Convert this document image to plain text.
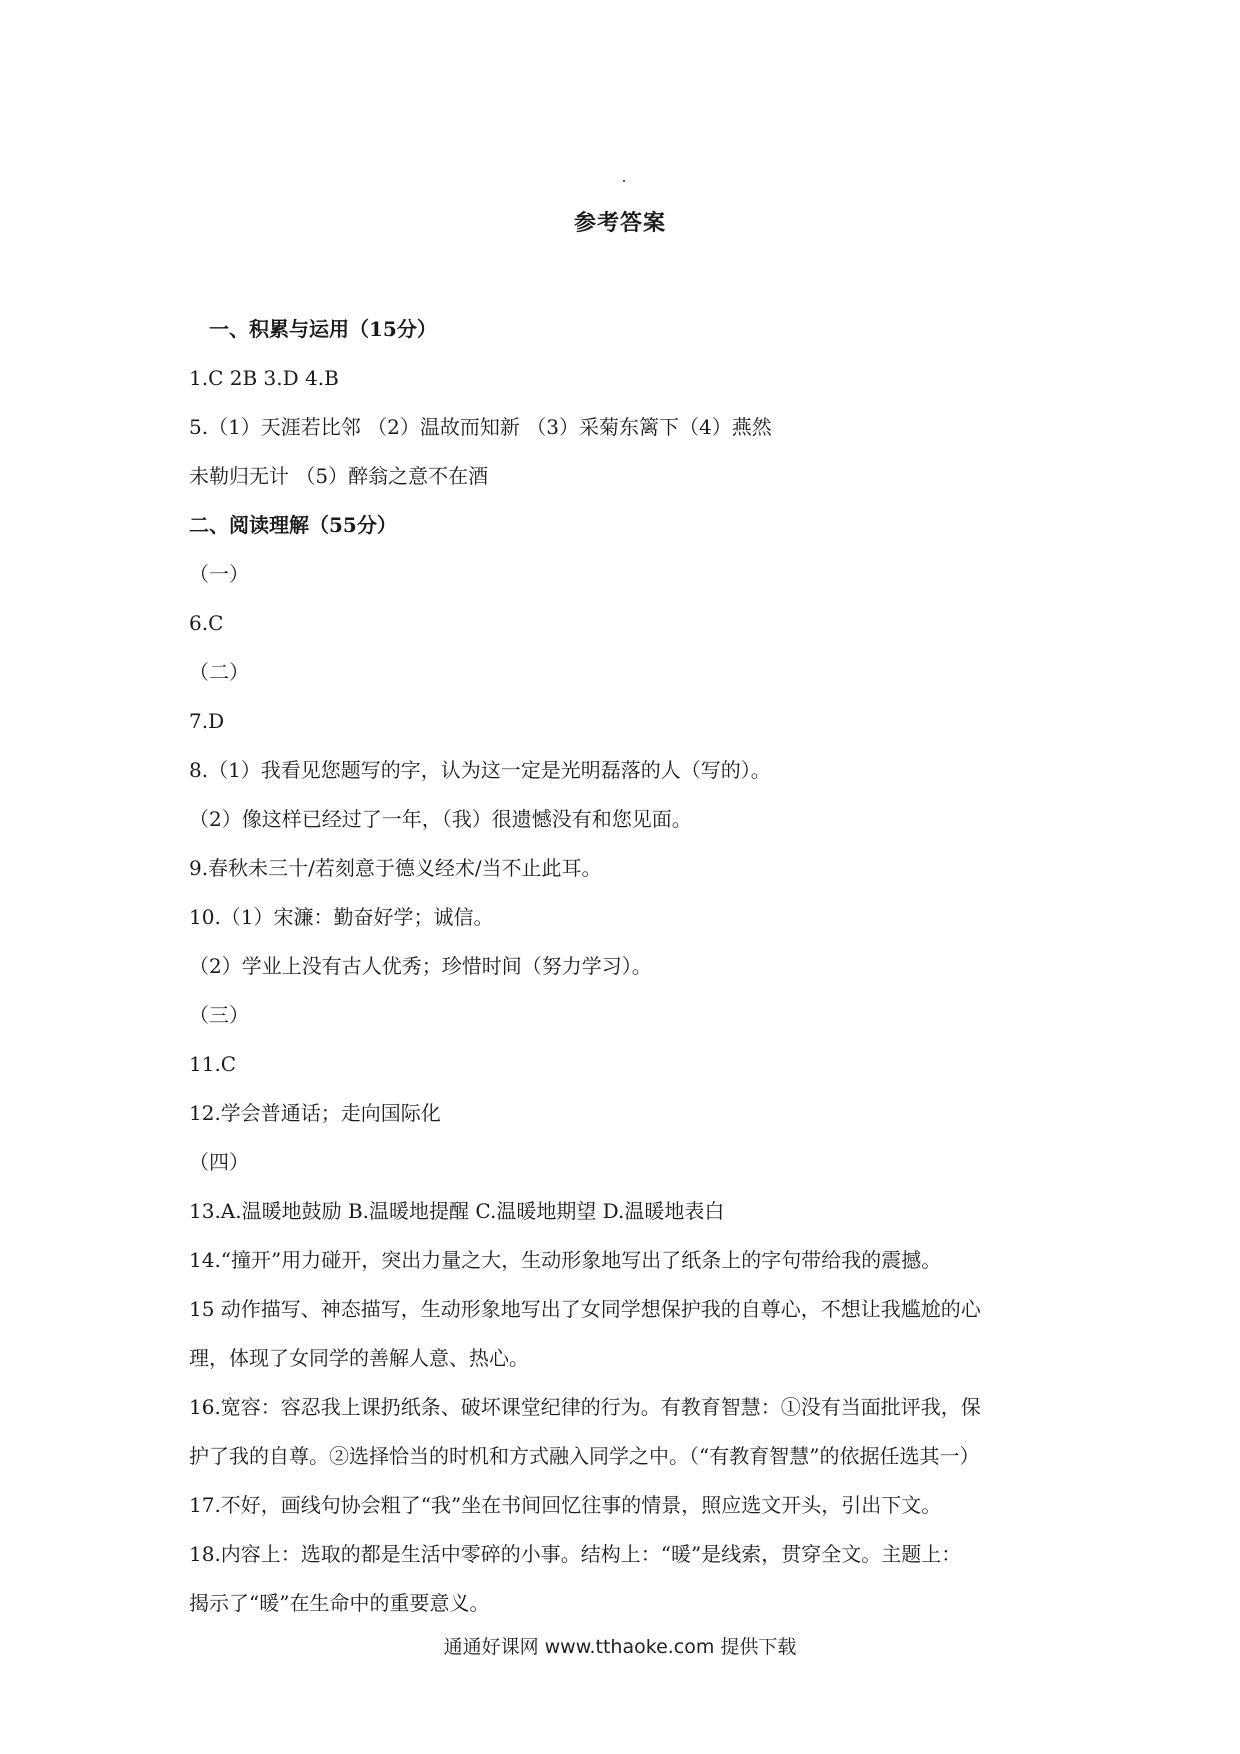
参考答案
一、积累与运用（15分）
1.C 2B 3.D 4.B
5.（1）天涯若比邻 （2）温故而知新 （3）采菊东篱下（4）燕然
未勒归无计 （5）醉翁之意不在酒
二、阅读理解（55分）
（一）
6.C
（二）
7.D
8.（1）我看见您题写的字，认为这一定是光明磊落的人（写的）。
（2）像这样已经过了一年，（我）很遗憾没有和您见面。
9.春秋未三十/若刻意于德义经术/当不止此耳。
10.（1）宋濂：勤奋好学；诚信。
（2）学业上没有古人优秀；珍惜时间（努力学习）。
（三）
11.C
12.学会普通话；走向国际化
（四）
13.A.温暖地鼓励 B.温暖地提醒 C.温暖地期望 D.温暖地表白
14.“撞开”用力碰开，突出力量之大，生动形象地写出了纸条上的字句带给我的震撼。
15 动作描写、神态描写，生动形象地写出了女同学想保护我的自尊心，不想让我尴尬的心
理，体现了女同学的善解人意、热心。
16.宽容：容忍我上课扔纸条、破坏课堂纪律的行为。有教育智慧：①没有当面批评我，保
护了我的自尊。②选择恰当的时机和方式融入同学之中。（“有教育智慧”的依据任选其一）
17.不好，画线句协会粗了“我”坐在书间回忆往事的情景，照应选文开头，引出下文。
18.内容上：选取的都是生活中零碎的小事。结构上：“暖”是线索，贯穿全文。主题上：
揭示了“暖”在生命中的重要意义。
通通好课网 www.tthaoke.com 提供下载
